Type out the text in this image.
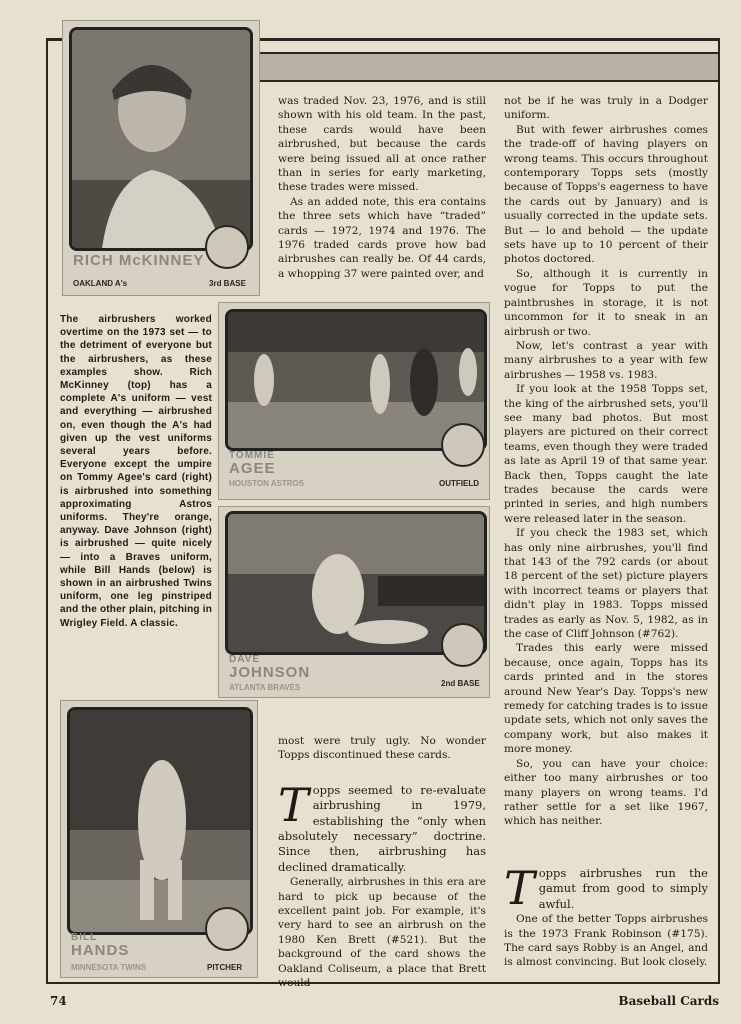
RICH McKINNEY
OAKLAND A's	3rd BASE
TOMMIE
AGEE
HOUSTON ASTROS	OUTFIELD
DAVE
JOHNSON
ATLANTA BRAVES	2nd BASE
BILL
HANDS
MINNESOTA TWINS	PITCHER
The airbrushers worked overtime on the 1973 set — to the detriment of everyone but the airbrushers, as these examples show. Rich McKinney (top) has a complete A's uniform — vest and everything — airbrushed on, even though the A's had given up the vest uniforms several years before. Everyone except the umpire on Tommy Agee's card (right) is airbrushed into something approximating Astros uniforms. They're orange, anyway. Dave Johnson (right) is airbrushed — quite nicely — into a Braves uniform, while Bill Hands (below) is shown in an airbrushed Twins uniform, one leg pinstriped and the other plain, pitching in Wrigley Field. A classic.

was traded Nov. 23, 1976, and is still shown with his old team. In the past, these cards would have been airbrushed, but because the cards were being issued all at once rather than in series for early marketing, these trades were missed.

As an added note, this era contains the three sets which have “traded” cards — 1972, 1974 and 1976. The 1976 traded cards prove how bad airbrushes can really be. Of 44 cards, a whopping 37 were painted over, and

not be if he was truly in a Dodger uniform.

But with fewer airbrushes comes the trade-off of having players on wrong teams. This occurs throughout contemporary Topps sets (mostly because of Topps's eagerness to have the cards out by January) and is usually corrected in the update sets. But — lo and behold — the update sets have up to 10 percent of their photos doctored.

So, although it is currently in vogue for Topps to put the paintbrushes in storage, it is not uncommon for it to sneak in an airbrush or two.

Now, let's contrast a year with many airbrushes to a year with few airbrushes — 1958 vs. 1983.

If you look at the 1958 Topps set, the king of the airbrushed sets, you'll see many bad photos. But most players are pictured on their correct teams, even though they were traded as late as April 19 of that same year. Back then, Topps caught the late trades because the cards were printed in series, and high numbers were released later in the season.

If you check the 1983 set, which has only nine airbrushes, you'll find that 143 of the 792 cards (or about 18 percent of the set) picture players with incorrect teams or players that didn't play in 1983. Topps missed trades as early as Nov. 5, 1982, as in the case of Cliff Johnson (#762).

Trades this early were missed because, once again, Topps has its cards printed and in the stores around New Year's Day. Topps's new remedy for catching trades is to issue update sets, which not only saves the company work, but also makes it more money.

So, you can have your choice: either too many airbrushes or too many players on wrong teams. I'd rather settle for a set like 1967, which has neither.

most were truly ugly. No wonder Topps discontinued these cards.

Topps seemed to re-evaluate airbrushing in 1979, establishing the “only when absolutely necessary” doctrine. Since then, airbrushing has declined dramatically.

Generally, airbrushes in this era are hard to pick up because of the excellent paint job. For example, it's very hard to see an airbrush on the 1980 Ken Brett (#521). But the background of the card shows the Oakland Coliseum, a place that Brett would

Topps airbrushes run the gamut from good to simply awful.

One of the better Topps airbrushes is the 1973 Frank Robinson (#175). The card says Robby is an Angel, and is almost convincing. But look closely.

74	Baseball Cards
